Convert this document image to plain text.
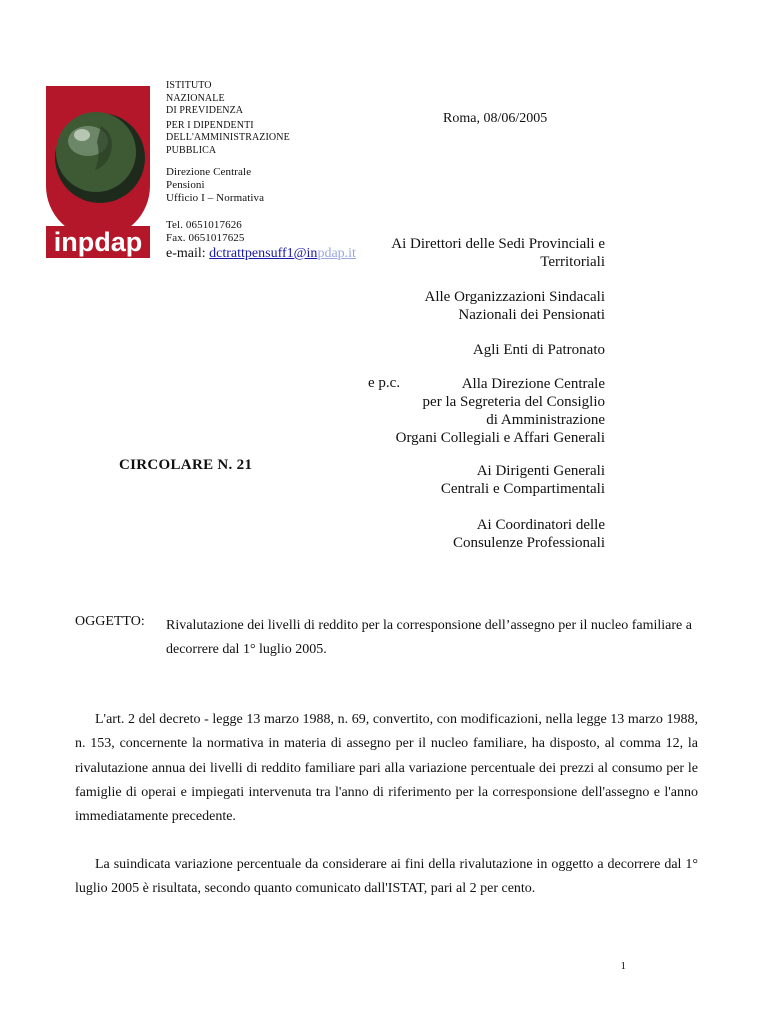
inpdap
ISTITUTO
NAZIONALE
DI PREVIDENZA
PER I DIPENDENTI
DELL'AMMINISTRAZIONE
PUBBLICA
Direzione Centrale
Pensioni
Ufficio I – Normativa
Tel. 0651017626
Fax. 0651017625
e-mail: dctrattpensuff1@inpdap.it
Roma, 08/06/2005
Ai Direttori delle Sedi Provinciali e
Territoriali
Alle Organizzazioni Sindacali
Nazionali dei Pensionati
Agli Enti di Patronato
e p.c.	Alla Direzione Centrale
per la Segreteria del Consiglio
di Amministrazione
Organi Collegiali e Affari Generali
Ai Dirigenti Generali
Centrali e Compartimentali
Ai Coordinatori delle
Consulenze Professionali
CIRCOLARE N. 21
OGGETTO: Rivalutazione dei livelli di reddito per la corresponsione dell’assegno per il nucleo familiare a decorrere dal 1° luglio 2005.

L'art. 2 del decreto - legge 13 marzo 1988, n. 69, convertito, con modificazioni, nella legge 13 marzo 1988, n. 153, concernente la normativa in materia di assegno per il nucleo familiare, ha disposto, al comma 12, la rivalutazione annua dei livelli di reddito familiare pari alla variazione percentuale dei prezzi al consumo per le famiglie di operai e impiegati intervenuta tra l'anno di riferimento per la corresponsione dell'assegno e l'anno immediatamente precedente.

La suindicata variazione percentuale da considerare ai fini della rivalutazione in oggetto a decorrere dal 1° luglio 2005 è risultata, secondo quanto comunicato dall'ISTAT, pari al 2 per cento.

1
